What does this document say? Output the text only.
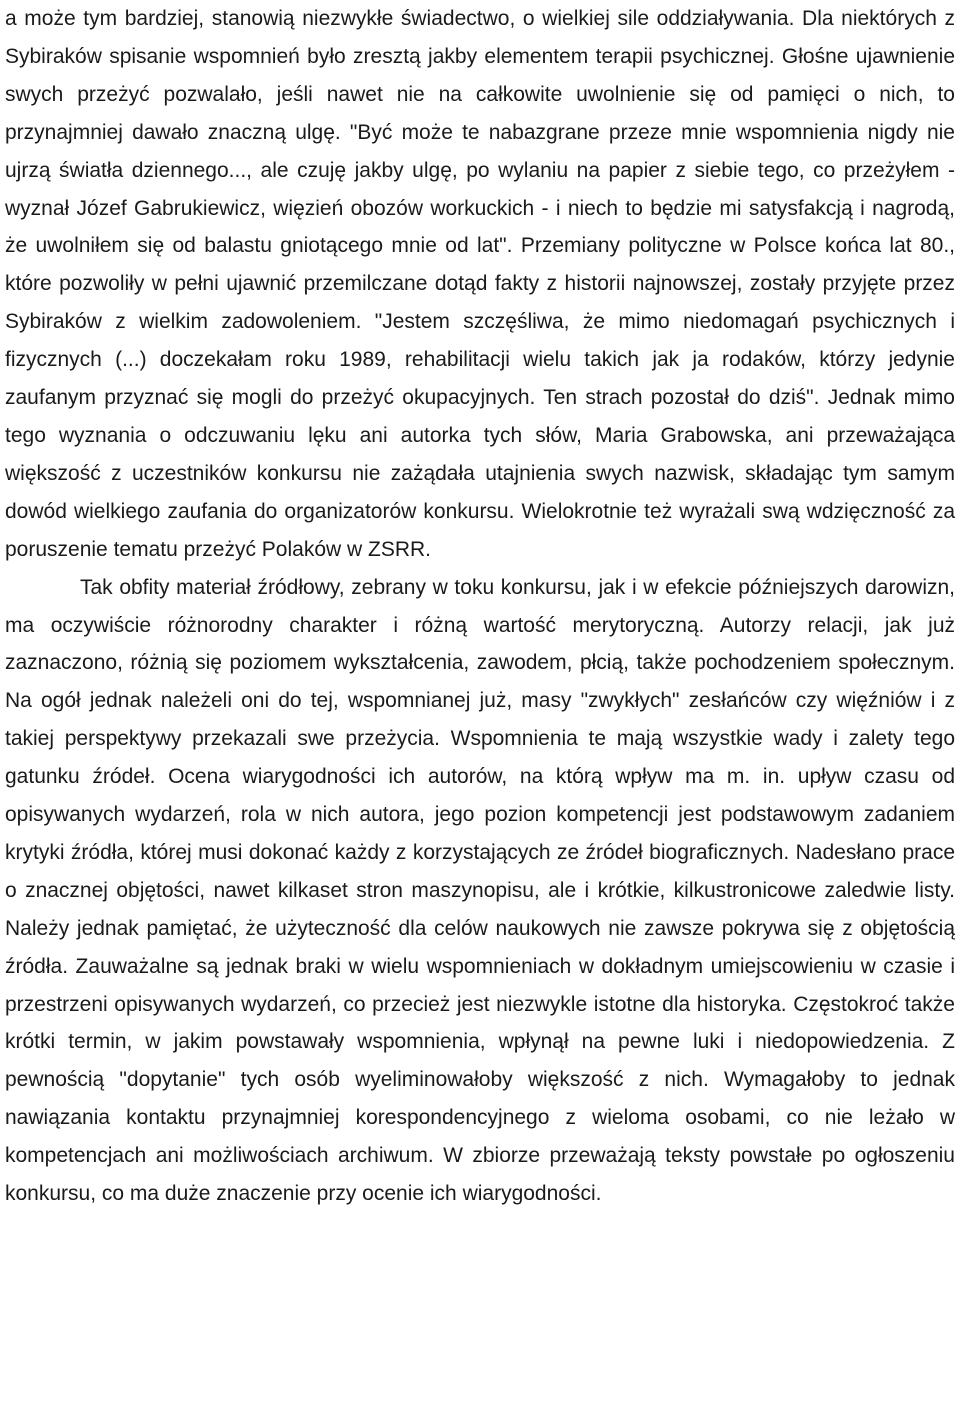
a może tym bardziej, stanowią niezwykłe świadectwo, o wielkiej sile oddziaływania. Dla niektórych z Sybiraków spisanie wspomnień było zresztą jakby elementem terapii psychicznej. Głośne ujawnienie swych przeżyć pozwalało, jeśli nawet nie na całkowite uwolnienie się od pamięci o nich, to przynajmniej dawało znaczną ulgę. "Być może te nabazgrane przeze mnie wspomnienia nigdy nie ujrzą światła dziennego..., ale czuję jakby ulgę, po wylaniu na papier z siebie tego, co przeżyłem - wyznał Józef Gabrukiewicz, więzień obozów workuckich - i niech to będzie mi satysfakcją i nagrodą, że uwolniłem się od balastu gniotącego mnie od lat". Przemiany polityczne w Polsce końca lat 80., które pozwoliły w pełni ujawnić przemilczane dotąd fakty z historii najnowszej, zostały przyjęte przez Sybiraków z wielkim zadowoleniem. "Jestem szczęśliwa, że mimo niedomagań psychicznych i fizycznych (...) doczekałam roku 1989, rehabilitacji wielu takich jak ja rodaków, którzy jedynie zaufanym przyznać się mogli do przeżyć okupacyjnych. Ten strach pozostał do dziś". Jednak mimo tego wyznania o odczuwaniu lęku ani autorka tych słów, Maria Grabowska, ani przeważająca większość z uczestników konkursu nie zażądała utajnienia swych nazwisk, składając tym samym dowód wielkiego zaufania do organizatorów konkursu. Wielokrotnie też wyrażali swą wdzięczność za poruszenie tematu przeżyć Polaków w ZSRR.

Tak obfity materiał źródłowy, zebrany w toku konkursu, jak i w efekcie późniejszych darowizn, ma oczywiście różnorodny charakter i różną wartość merytoryczną. Autorzy relacji, jak już zaznaczono, różnią się poziomem wykształcenia, zawodem, płcią, także pochodzeniem społecznym. Na ogół jednak należeli oni do tej, wspomnianej już, masy "zwykłych" zesłańców czy więźniów i z takiej perspektywy przekazali swe przeżycia. Wspomnienia te mają wszystkie wady i zalety tego gatunku źródeł. Ocena wiarygodności ich autorów, na którą wpływ ma m. in. upływ czasu od opisywanych wydarzeń, rola w nich autora, jego pozion kompetencji jest podstawowym zadaniem krytyki źródła, której musi dokonać każdy z korzystających ze źródeł biograficznych. Nadesłano prace o znacznej objętości, nawet kilkaset stron maszynopisu, ale i krótkie, kilkustronicowe zaledwie listy. Należy jednak pamiętać, że użyteczność dla celów naukowych nie zawsze pokrywa się z objętością źródła. Zauważalne są jednak braki w wielu wspomnieniach w dokładnym umiejscowieniu w czasie i przestrzeni opisywanych wydarzeń, co przecież jest niezwykle istotne dla historyka. Częstokroć także krótki termin, w jakim powstawały wspomnienia, wpłynął na pewne luki i niedopowiedzenia. Z pewnością "dopytanie" tych osób wyeliminowałoby większość z nich. Wymagałoby to jednak nawiązania kontaktu przynajmniej korespondencyjnego z wieloma osobami, co nie leżało w kompetencjach ani możliwościach archiwum. W zbiorze przeważają teksty powstałe po ogłoszeniu konkursu, co ma duże znaczenie przy ocenie ich wiarygodności.
